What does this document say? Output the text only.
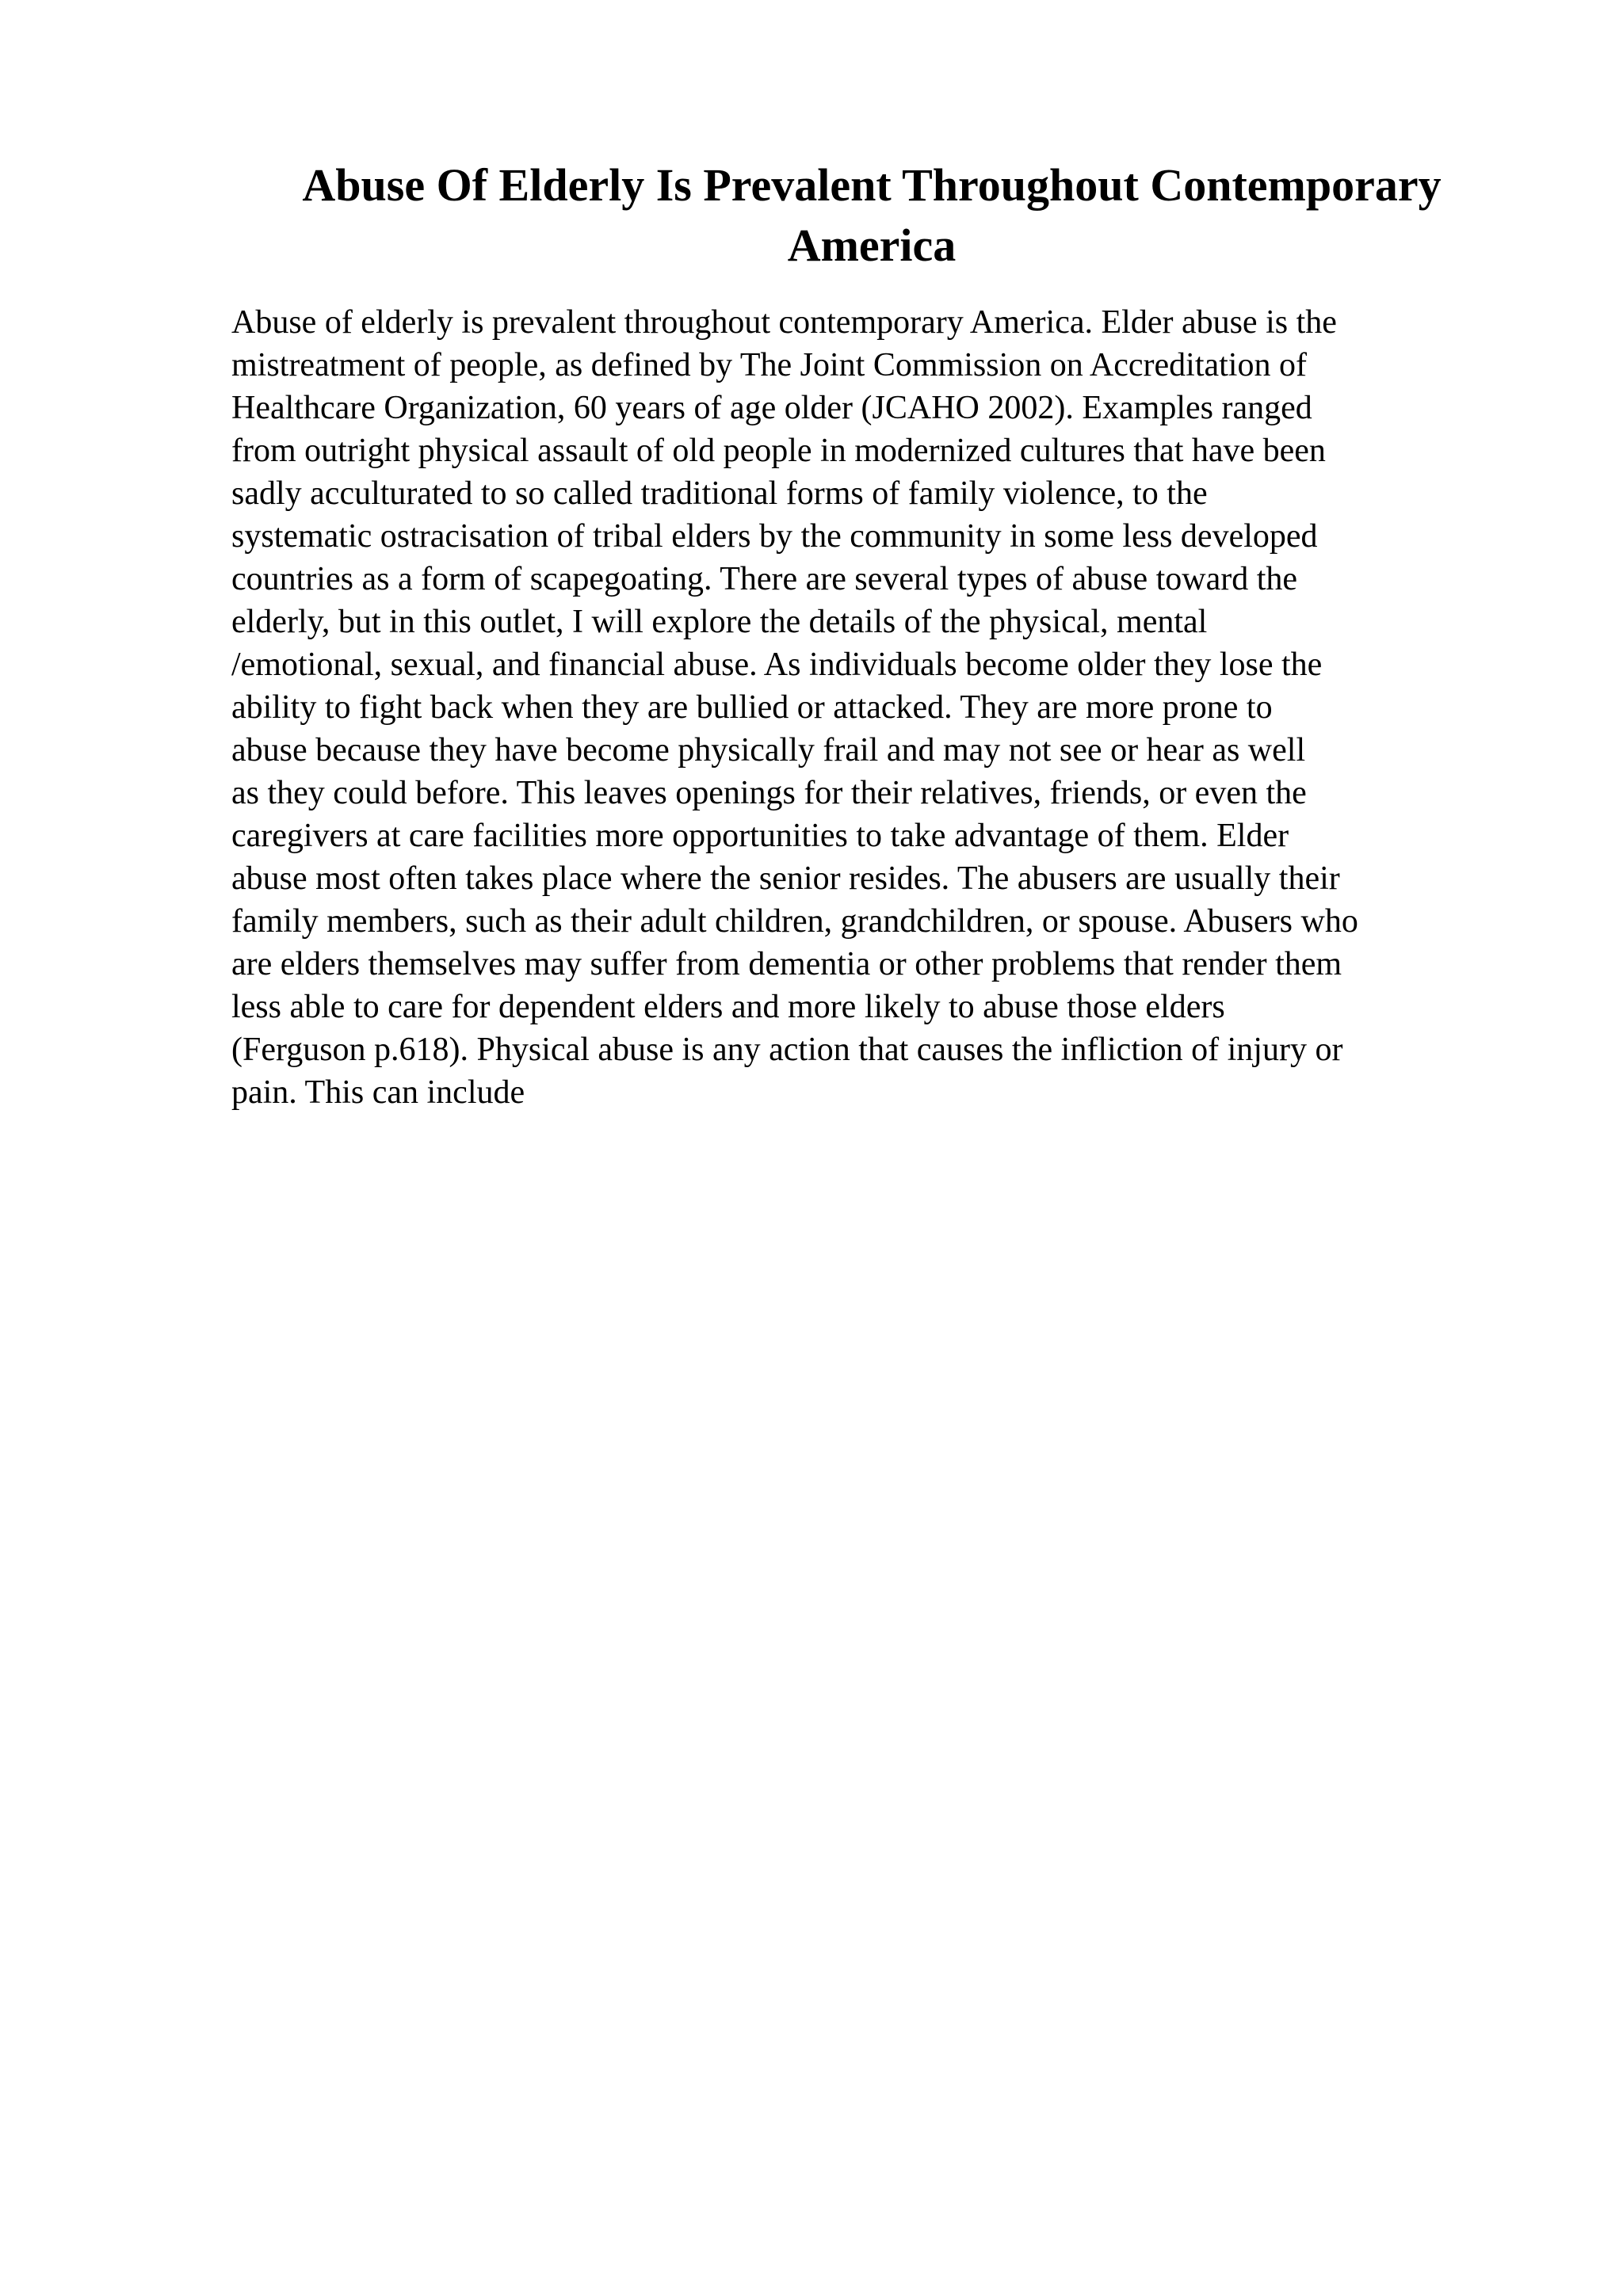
Abuse Of Elderly Is Prevalent Throughout Contemporary America

Abuse of elderly is prevalent throughout contemporary America. Elder abuse is the
mistreatment of people, as defined by The Joint Commission on Accreditation of
Healthcare Organization, 60 years of age older (JCAHO 2002). Examples ranged
from outright physical assault of old people in modernized cultures that have been
sadly acculturated to so called traditional forms of family violence, to the
systematic ostracisation of tribal elders by the community in some less developed
countries as a form of scapegoating. There are several types of abuse toward the
elderly, but in this outlet, I will explore the details of the physical, mental
/emotional, sexual, and financial abuse. As individuals become older they lose the
ability to fight back when they are bullied or attacked. They are more prone to
abuse because they have become physically frail and may not see or hear as well
as they could before. This leaves openings for their relatives, friends, or even the
caregivers at care facilities more opportunities to take advantage of them. Elder
abuse most often takes place where the senior resides. The abusers are usually their
family members, such as their adult children, grandchildren, or spouse. Abusers who
are elders themselves may suffer from dementia or other problems that render them
less able to care for dependent elders and more likely to abuse those elders
(Ferguson p.618). Physical abuse is any action that causes the infliction of injury or
pain. This can include
